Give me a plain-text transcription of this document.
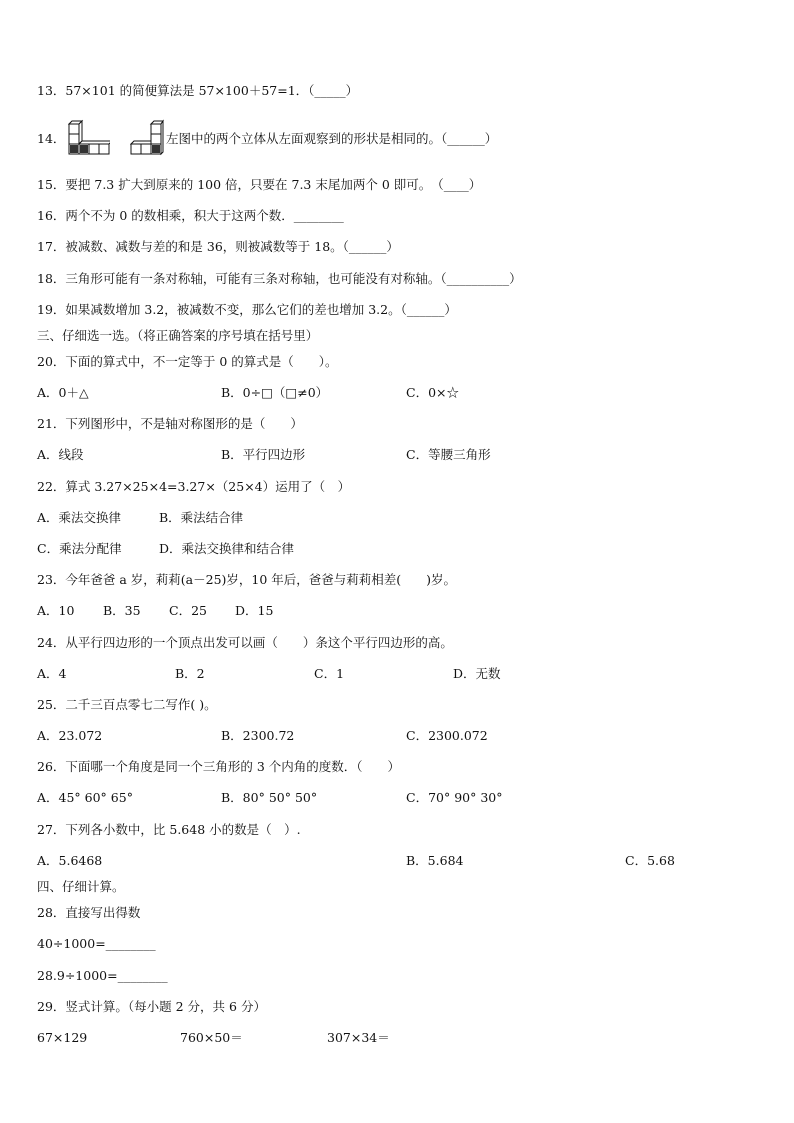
13．57×101 的简便算法是 57×100＋57=1．（_____）
14．	左图中的两个立体从左面观察到的形状是相同的。（______）
15．要把 7.3 扩大到原来的 100 倍，只要在 7.3 末尾加两个 0 即可。　（____）
16．两个不为 0 的数相乘，积大于这两个数．________
17．被减数、减数与差的和是 36，则被减数等于 18。（______）
18．三角形可能有一条对称轴，可能有三条对称轴，也可能没有对称轴。（__________）
19．如果减数增加 3.2，被减数不变，那么它们的差也增加 3.2。（______）
三、仔细选一选。（将正确答案的序号填在括号里）
20．下面的算式中，不一定等于 0 的算式是（　　）。
A．0＋△	B．0÷□（□≠0）	C．0×☆
21．下列图形中，不是轴对称图形的是（　　）
A．线段	B．平行四边形	C．等腰三角形
22．算式 3.27×25×4=3.27×（25×4）运用了（　）
A．乘法交换律	B．乘法结合律
C．乘法分配律	D．乘法交换律和结合律
23．今年爸爸 a 岁，莉莉(a－25)岁，10 年后，爸爸与莉莉相差(　　)岁。
A．10 B．35 C．25 D．15
24．从平行四边形的一个顶点出发可以画（　　）条这个平行四边形的高。
A．4	B．2	C．1	D．无数
25．二千三百点零七二写作( )。
A．23.072	B．2300.72	C．2300.072
26．下面哪一个角度是同一个三角形的 3 个内角的度数．（　　）
A．45° 60° 65°	B．80° 50° 50°	C．70° 90° 30°
27．下列各小数中，比 5.648 小的数是（　）.
A．5.6468	B．5.684	C．5.68
四、仔细计算。
28．直接写出得数
40÷1000=________
28.9÷1000=________
29．竖式计算。（每小题 2 分，共 6 分）
67×129	760×50＝	307×34＝
